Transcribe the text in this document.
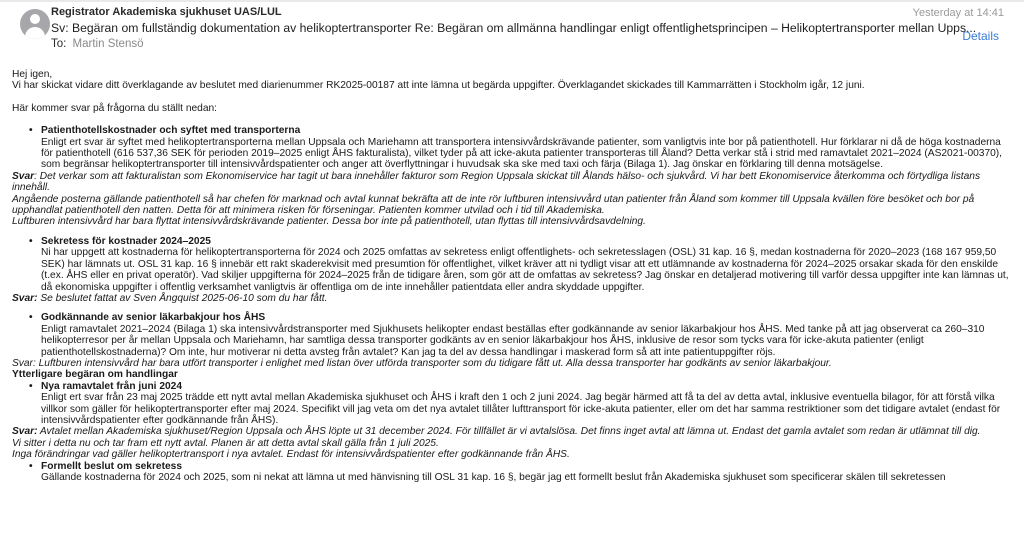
Registrator Akademiska sjukhuset UAS/LUL
Sv: Begäran om fullständig dokumentation av helikoptertransporter Re: Begäran om allmänna handlingar enligt offentlighetsprincipen – Helikoptertransporter mellan Upps...
To: Martin Stensö
Yesterday at 14:41
Details

Hej igen,

Vi har skickat vidare ditt överklagande av beslutet med diarienummer RK2025-00187 att inte lämna ut begärda uppgifter. Överklagandet skickades till Kammarrätten i Stockholm igår, 12 juni.

Här kommer svar på frågorna du ställt nedan:

• Patienthotellskostnader och syftet med transporterna
Enligt ert svar är syftet med helikoptertransporterna mellan Uppsala och Mariehamn att transportera intensivvårdskrävande patienter, som vanligtvis inte bor på patienthotell. Hur förklarar ni då de höga kostnaderna för patienthotell (616 537,36 SEK för perioden 2019–2025 enligt ÅHS fakturalista), vilket tyder på att icke-akuta patienter transporteras till Åland? Detta verkar stå i strid med ramavtalet 2021–2024 (AS2021-00370), som begränsar helikoptertransporter till intensivvårdspatienter och anger att överflyttningar i huvudsak ska ske med taxi och färja (Bilaga 1). Jag önskar en förklaring till denna motsägelse.

Svar: Det verkar som att fakturalistan som Ekonomiservice har tagit ut bara innehåller fakturor som Region Uppsala skickat till Ålands hälso- och sjukvård. Vi har bett Ekonomiservice återkomma och förtydliga listans innehåll.

Angående posterna gällande patienthotell så har chefen för marknad och avtal kunnat bekräfta att de inte rör luftburen intensivvård utan patienter från Åland som kommer till Uppsala kvällen före besöket och bor på upphandlat patienthotell den natten. Detta för att minimera risken för förseningar. Patienten kommer utvilad och i tid till Akademiska.

Luftburen intensivvård har bara flyttat intensivvårdskrävande patienter. Dessa bor inte på patienthotell, utan flyttas till intensivvårdsavdelning.

• Sekretess för kostnader 2024–2025
Ni har uppgett att kostnaderna för helikoptertransporterna för 2024 och 2025 omfattas av sekretess enligt offentlighets- och sekretesslagen (OSL) 31 kap. 16 §, medan kostnaderna för 2020–2023 (168 167 959,50 SEK) har lämnats ut. OSL 31 kap. 16 § innebär ett rakt skaderekvisit med presumtion för offentlighet, vilket kräver att ni tydligt visar att ett utlämnande av kostnaderna för 2024–2025 orsakar skada för den enskilde (t.ex. ÅHS eller en privat operatör). Vad skiljer uppgifterna för 2024–2025 från de tidigare åren, som gör att de omfattas av sekretess? Jag önskar en detaljerad motivering till varför dessa uppgifter inte kan lämnas ut, då ekonomiska uppgifter i offentlig verksamhet vanligtvis är offentliga om de inte innehåller patientdata eller andra skyddade uppgifter.

Svar: Se beslutet fattat av Sven Ångquist 2025-06-10 som du har fått.

• Godkännande av senior läkarbakjour hos ÅHS
Enligt ramavtalet 2021–2024 (Bilaga 1) ska intensivvårdstransporter med Sjukhusets helikopter endast beställas efter godkännande av senior läkarbakjour hos ÅHS. Med tanke på att jag observerat ca 260–310 helikopterresor per år mellan Uppsala och Mariehamn, har samtliga dessa transporter godkänts av en senior läkarbakjour hos ÅHS, inklusive de resor som tycks vara för icke-akuta patienter (enligt patienthotellskostnaderna)? Om inte, hur motiverar ni detta avsteg från avtalet? Kan jag ta del av dessa handlingar i maskerad form så att inte patientuppgifter röjs.

Svar: Luftburen intensivvård har bara utfört transporter i enlighet med listan över utförda transporter som du tidigare fått ut. Alla dessa transporter har godkänts av senior läkarbakjour.

Ytterligare begäran om handlingar

• Nya ramavtalet från juni 2024
Enligt ert svar från 23 maj 2025 trädde ett nytt avtal mellan Akademiska sjukhuset och ÅHS i kraft den 1 och 2 juni 2024. Jag begär härmed att få ta del av detta avtal, inklusive eventuella bilagor, för att förstå vilka villkor som gäller för helikoptertransporter efter maj 2024. Specifikt vill jag veta om det nya avtalet tillåter lufttransport för icke-akuta patienter, eller om det har samma restriktioner som det tidigare avtalet (endast för intensivvårdspatienter efter godkännande från ÅHS).

Svar: Avtalet mellan Akademiska sjukhuset/Region Uppsala och ÅHS löpte ut 31 december 2024. För tillfället är vi avtalslösa. Det finns inget avtal att lämna ut. Endast det gamla avtalet som redan är utlämnat till dig.

Vi sitter i detta nu och tar fram ett nytt avtal. Planen är att detta avtal skall gälla från 1 juli 2025.

Inga förändringar vad gäller helikoptertransport i nya avtalet. Endast för intensivvårdspatienter efter godkännande från ÅHS.

• Formellt beslut om sekretess
Gällande kostnaderna för 2024 och 2025, som ni nekat att lämna ut med hänvisning till OSL 31 kap. 16 §, begär jag ett formellt beslut från Akademiska sjukhuset som specificerar skälen till sekretessen
